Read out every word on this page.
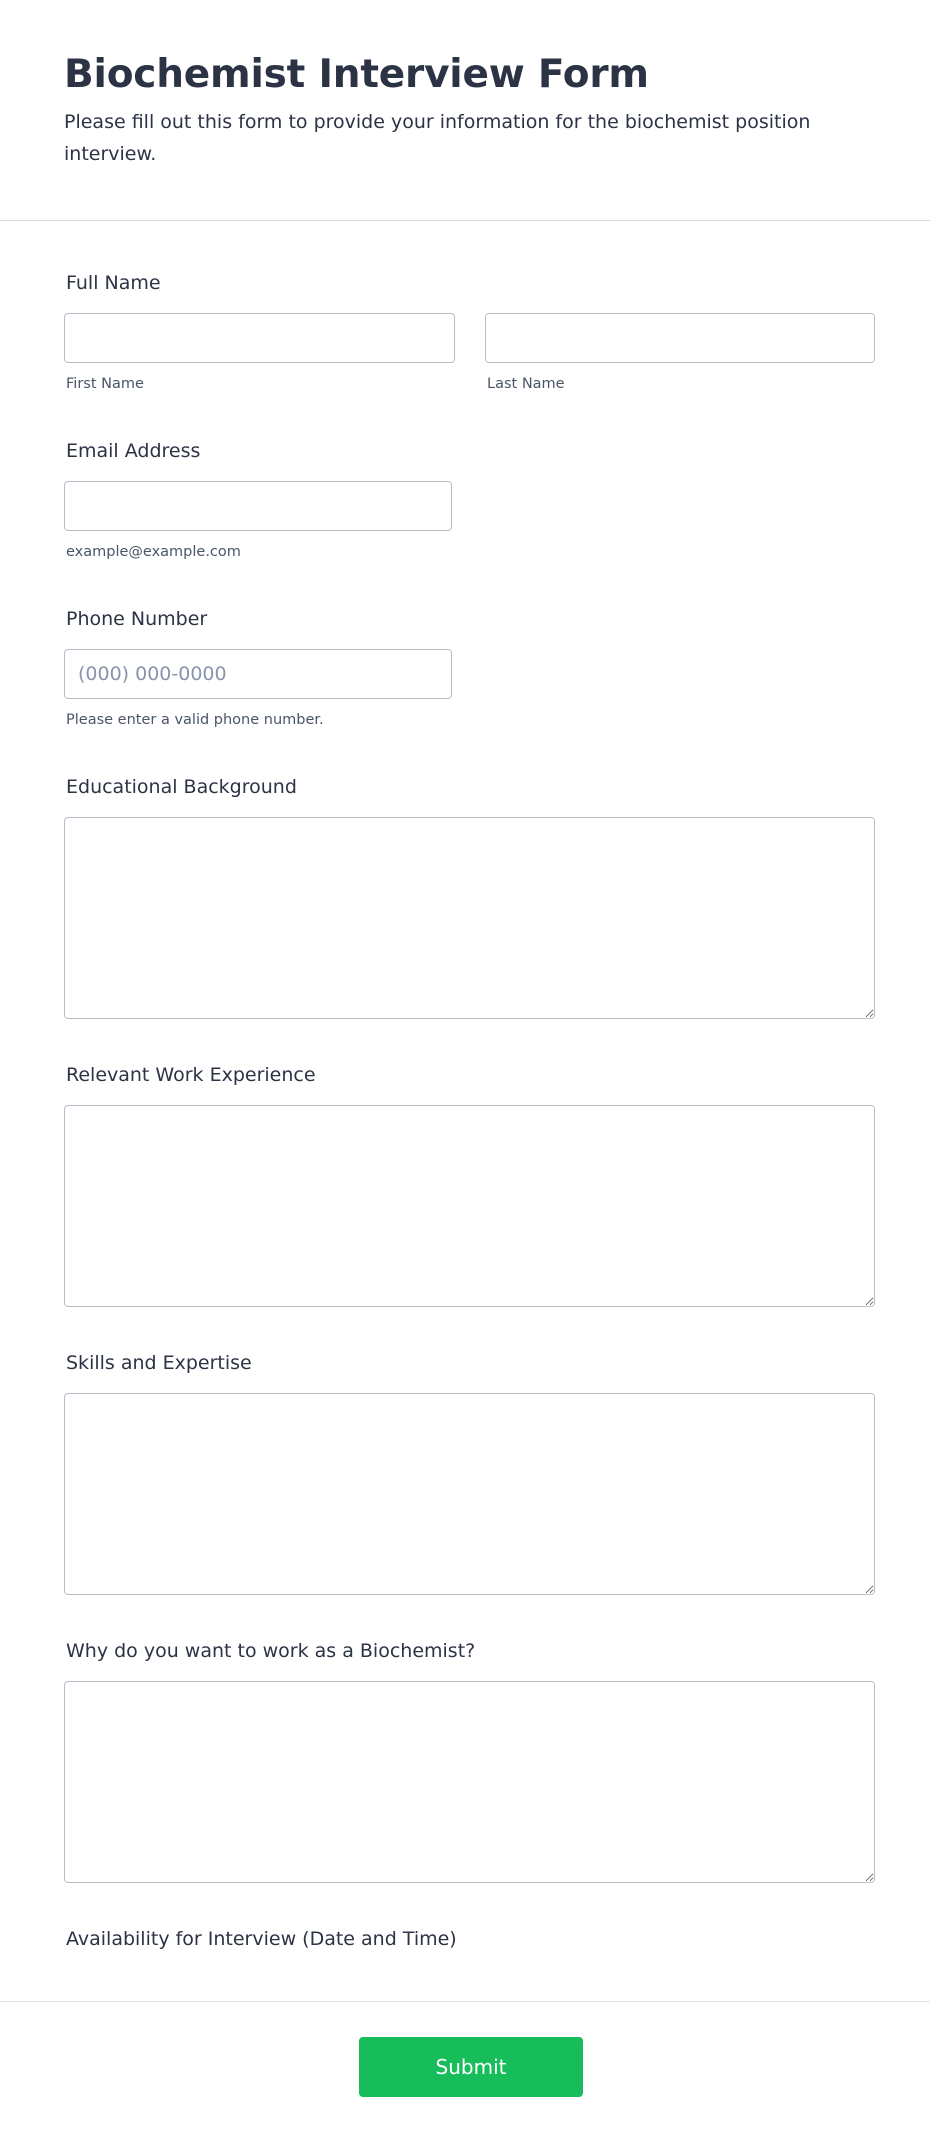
Biochemist Interview Form

Please fill out this form to provide your information for the biochemist position interview.

Full Name
First Name	Last Name
Email Address
example@example.com
Phone Number
(000) 000-0000
Please enter a valid phone number.
Educational Background
Relevant Work Experience
Skills and Expertise
Why do you want to work as a Biochemist?
Availability for Interview (Date and Time)
Submit
